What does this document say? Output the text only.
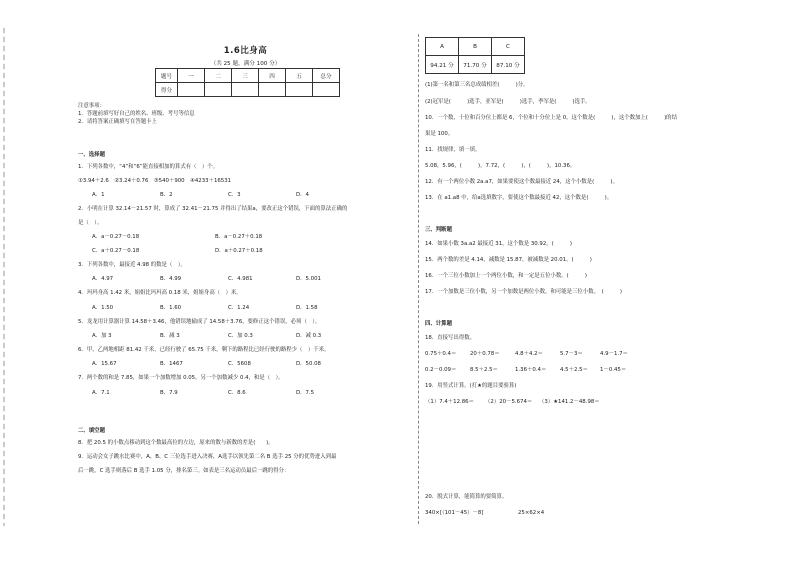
1.6比身高
（共 25 题，满分 100 分）
题号	一	二	三	四	五	总分
得分						
注意事项：
1．答题前填写好自己的姓名、班级、考号等信息
2．请将答案正确填写在答题卡上
一、选择题
1．下列各数中，“4”和“6”能直接相加的算式有（　）个。
①3.94＋2.6　②3.24＋0.76　③540＋900　④4233＋16531
A．1	B．2	C．3	D．4
2．小明在计算 32.14－21.57 时，算成了 32.41－21.75 并得出了结果a，要改正这个错误，下面的算法正确的
是（　）。
A．a－0.27－0.18	B．a－0.27＋0.18
C．a＋0.27－0.18	D．a＋0.27＋0.18
3．下列各数中，最接近 4.98 的数是（　）。
A．4.97	B．4.99	C．4.981	D．5.001
4．玛玛身高 1.42 米，姐姐比玛玛高 0.18 米，姐姐身高（　）米。
A．1.50	B．1.60	C．1.24	D．1.58
5．龙龙用计算器计算 14.58＋3.46，他错误地输成了 14.58＋3.76，要修正这个错误，必须（　）。
A．加 3	B．减 3	C．加 0.3	D．减 0.3
6．甲、乙两地相距 81.42 千米，已经行驶了 65.75 千米，剩下的路程比已经行驶的路程少（　）千米。
A．15.67	B．1467	C．5608	D．50.08
7．两个数的和是 7.85，如果一个加数增加 0.05，另一个加数减少 0.4，和是（　）。
A．7.1	B．7.9	C．8.6	D．7.5
二、填空题
8．把 20.5 的小数点移动到这个数最高位的左边，原来的数与新数的差是(　　)。
9．运动会女子跳水比赛中，A、B、C 三位选手进入决赛，A选手以领先第二名 B 选手 25 分的优势进入到最
后一跳，C 选手则落后 B 选手 1.05 分，排名第三。如表是三名运动员最后一跳的得分：
A	B	C
94.21 分	71.70 分	87.10 分
(1)第一名和第三名总成绩相差(　　　)分。
(2)冠军是(　　　)选手，亚军是(　　　)选手，季军是(　　　)选手。
10．一个数，十位和百分位上都是 6，个位和十分位上是 0，这个数是(　　　)，这个数加上(　　　)的结
果是 100。
11．找规律，填一填。
5.08，5.96，(　　　)，7.72，(　　　)，(　　　)，10.36。
12．有一个两位小数 2a.a7，如果要使这个数最接近 24，这个小数是(　　　)。
13．在 a1.a8 中，给a选填数字，要使这个数最接近 42，这个数是(　　　)。
三、判断题
14．如果小数 3a.a2 最接近 31，这个数是 30.92。(　　　)
15．两个数的差是 4.14，减数是 15.87，被减数是 20.01。(　　　)
16．一个三位小数加上一个两位小数，和一定是五位小数。(　　　)
17．一个加数是三位小数，另一个加数是两位小数，和可能是三位小数。　(　　　)
四、计算题
18．直接写出得数。
0.75＋0.4＝	20＋0.78＝	4.8＋4.2＝	5.7－3＝	4.9－1.7＝
0.2－0.09＝	8.5＋2.5＝	1.36＋0.4＝	4.5＋2.5＝ 1－0.45＝
19．用竖式计算。(打★的题目要验算)
（1）7.4＋12.86＝ （2）20－5.674＝ （3）★141.2－48.98＝
20．脱式计算，能简算的要简算。
340×[（101－45）－8]	25×62×4
